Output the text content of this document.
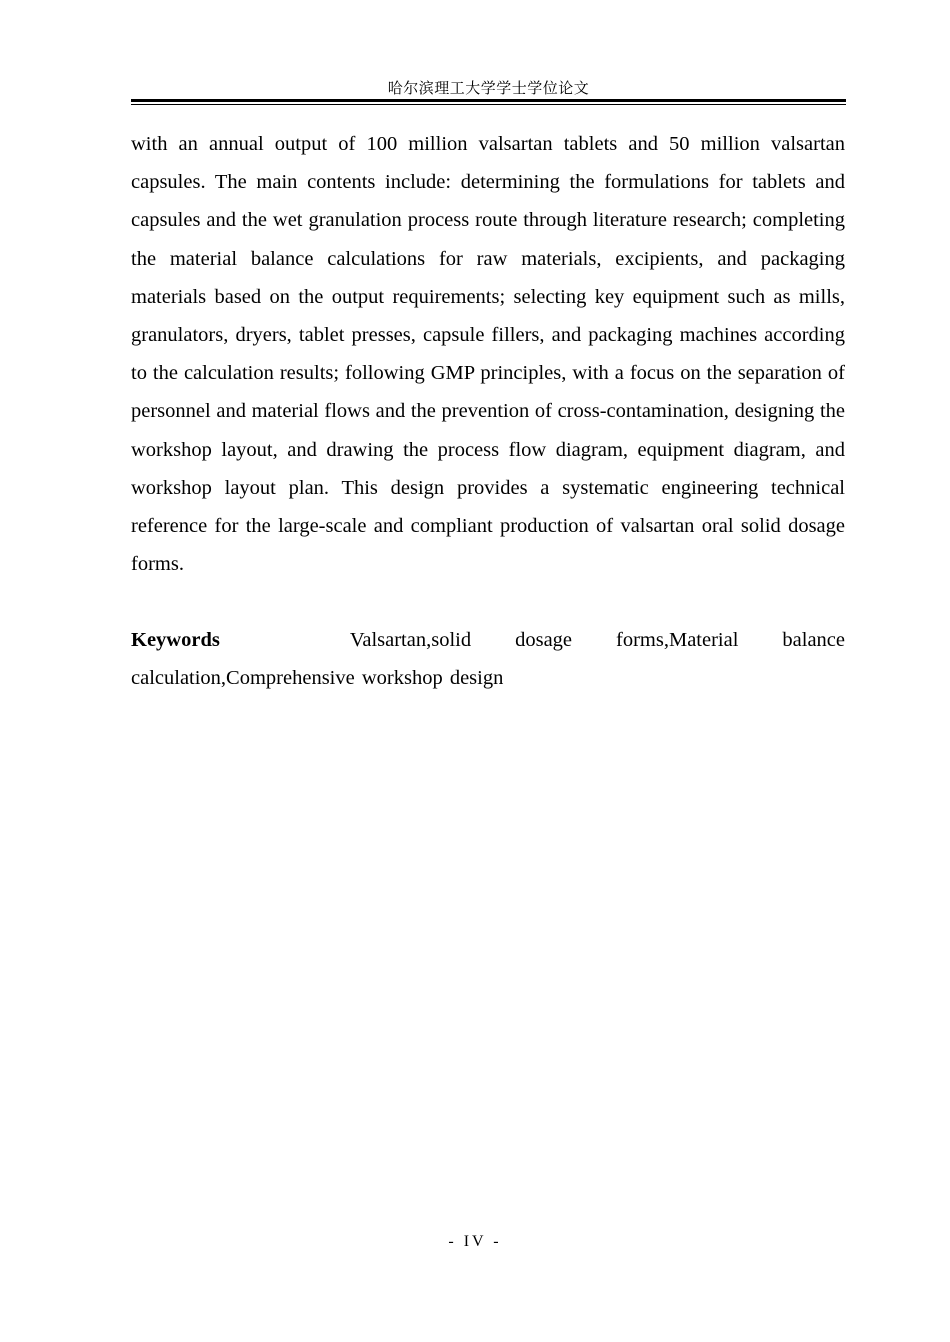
哈尔滨理工大学学士学位论文

with an annual output of 100 million valsartan tablets and 50 million valsartan capsules. The main contents include: determining the formulations for tablets and capsules and the wet granulation process route through literature research; completing the material balance calculations for raw materials, excipients, and packaging materials based on the output requirements; selecting key equipment such as mills, granulators, dryers, tablet presses, capsule fillers, and packaging machines according to the calculation results; following GMP principles, with a focus on the separation of personnel and material flows and the prevention of cross-contamination, designing the workshop layout, and drawing the process flow diagram, equipment diagram, and workshop layout plan. This design provides a systematic engineering technical reference for the large-scale and compliant production of valsartan oral solid dosage forms.

Keywords	Valsartan,solid dosage forms,Material balance calculation,Comprehensive workshop design

- IV -
